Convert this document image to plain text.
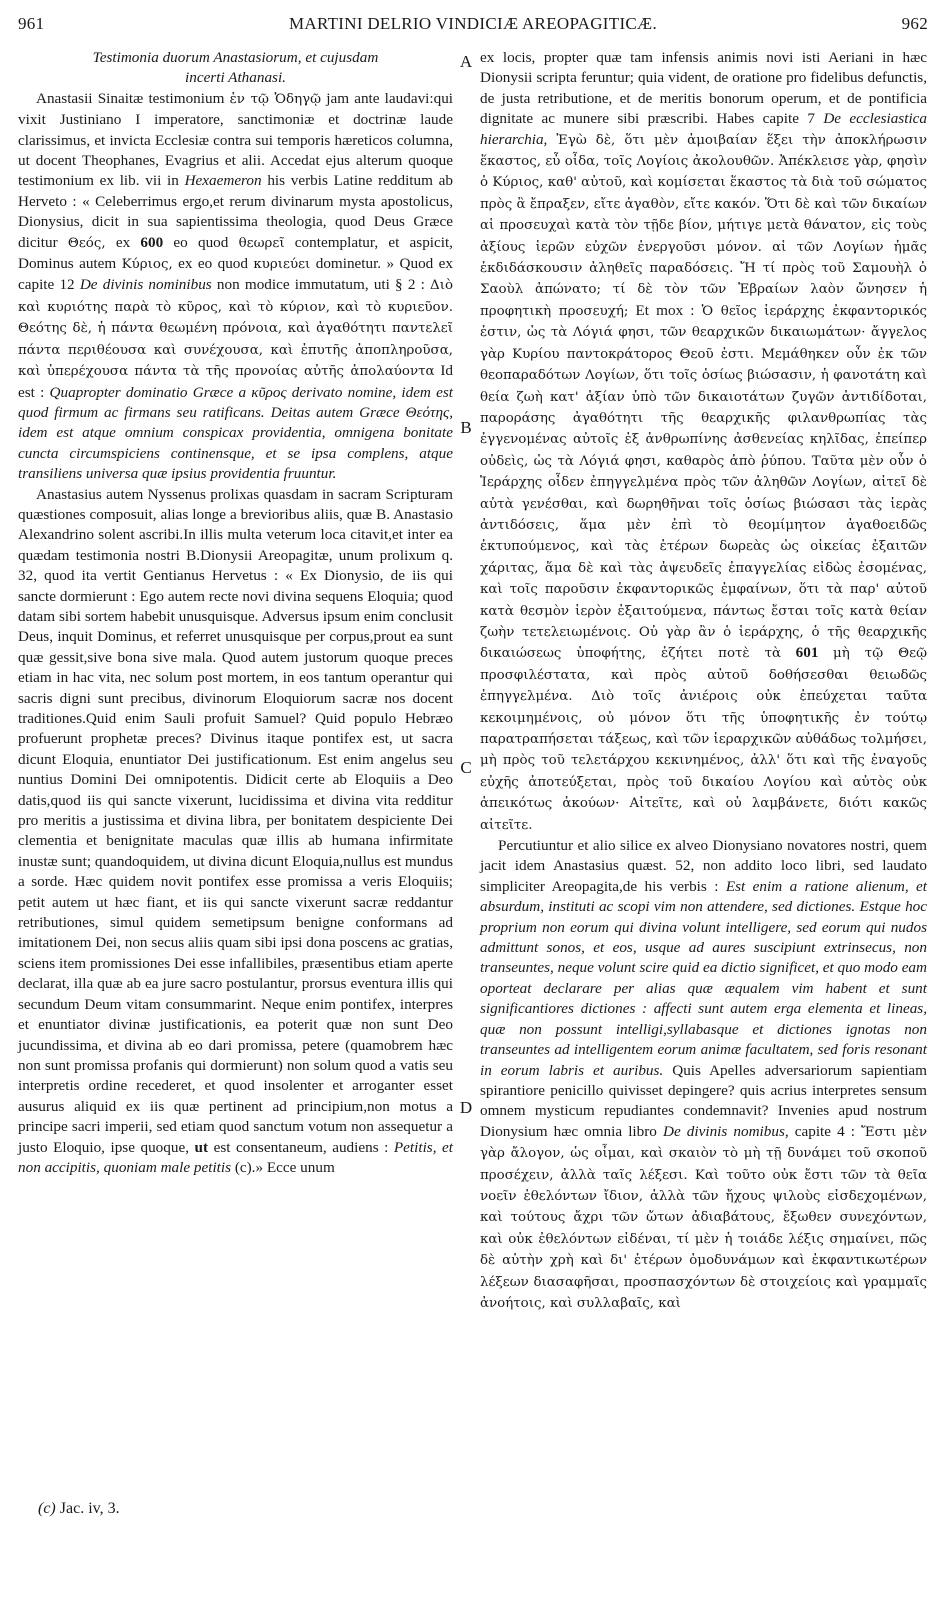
961	MARTINI DELRIO VINDICIÆ AREOPAGITICÆ.	962

Testimonia duorum Anastasiorum, et cujusdam
incerti Athanasi.

Anastasii Sinaitæ testimonium ἐν τῷ Ὁδηγῷ jam ante laudavi:qui vixit Justiniano I imperatore, sanctimoniæ et doctrinæ laude clarissimus, et invicta Ecclesiæ contra sui temporis hæreticos columna, ut docent Theophanes, Evagrius et alii. Accedat ejus alterum quoque testimonium ex lib. vii in Hexaemeron his verbis Latine redditum ab Herveto : « Celeberrimus ergo,et rerum divinarum mysta apostolicus, Dionysius, dicit in sua sapientissima theologia, quod Deus Græce dicitur Θεός, ex 600 eo quod θεωρεῖ contemplatur, et aspicit, Dominus autem Κύριος, ex eo quod κυριεύει dominetur. » Quod ex capite 12 De divinis nominibus non modice immutatum, uti § 2 : Διὸ καὶ κυριότης παρὰ τὸ κῦρος, καὶ τὸ κύριον, καὶ τὸ κυριεῦον. Θεότης δὲ, ἡ πάντα θεωμένη πρόνοια, καὶ ἀγαθότητι παντελεῖ πάντα περιθέουσα καὶ συνέχουσα, καὶ ἐπυτῆς ἀποπληροῦσα, καὶ ὑπερέχουσα πάντα τὰ τῆς προνοίας αὐτῆς ἀπολαύοντα Id est : Quapropter dominatio Græce a κῦρος derivato nomine, idem est quod firmum ac firmans seu ratificans. Deitas autem Græce Θεότης, idem est atque omnium conspicax providentia, omnigena bonitate cuncta circumspiciens continensque, et se ipsa complens, atque transiliens universa quæ ipsius providentia fruuntur.

Anastasius autem Nyssenus prolixas quasdam in sacram Scripturam quæstiones composuit, alias longe a brevioribus aliis, quæ B. Anastasio Alexandrino solent ascribi.In illis multa veterum loca citavit,et inter ea quædam testimonia nostri B.Dionysii Areopagitæ, unum prolixum q. 32, quod ita vertit Gentianus Hervetus : « Ex Dionysio, de iis qui sancte dormierunt : Ego autem recte novi divina sequens Eloquia; quod datam sibi sortem habebit unusquisque. Adversus ipsum enim conclusit Deus, inquit Dominus, et referret unusquisque per corpus,prout ea sunt quæ gessit,sive bona sive mala. Quod autem justorum quoque preces etiam in hac vita, nec solum post mortem, in eos tantum operantur qui sacris digni sunt precibus, divinorum Eloquiorum sacræ nos docent traditiones.Quid enim Sauli profuit Samuel? Quid populo Hebræo profuerunt prophetæ preces? Divinus itaque pontifex est, ut sacra dicunt Eloquia, enuntiator Dei justificationum. Est enim angelus seu nuntius Domini Dei omnipotentis. Didicit certe ab Eloquiis a Deo datis,quod iis qui sancte vixerunt, lucidissima et divina vita redditur pro meritis a justissima et divina libra, per bonitatem despiciente Dei clementia et benignitate maculas quæ illis ab humana infirmitate inustæ sunt; quandoquidem, ut divina dicunt Eloquia,nullus est mundus a sorde. Hæc quidem novit pontifex esse promissa a veris Eloquiis; petit autem ut hæc fiant, et iis qui sancte vixerunt sacræ reddantur retributiones, simul quidem semetipsum benigne conformans ad imitationem Dei, non secus aliis quam sibi ipsi dona poscens ac gratias, sciens item promissiones Dei esse infallibiles, præsentibus etiam aperte declarat, illa quæ ab ea jure sacro postulantur, prorsus eventura illis qui secundum Deum vitam consummarint. Neque enim pontifex, interpres et enuntiator divinæ justificationis, ea poterit quæ non sunt Deo jucundissima, et divina ab eo dari promissa, petere (quamobrem hæc non sunt promissa profanis qui dormierunt) non solum quod a vatis seu interpretis ordine recederet, et quod insolenter et arroganter esset ausurus aliquid ex iis quæ pertinent ad principium,non motus a principe sacri imperii, sed etiam quod sanctum votum non assequetur a justo Eloquio, ipse quoque, ut est consentaneum, audiens : Petitis, et non accipitis, quoniam male petitis (c).» Ecce unum

A
B
C
D

ex locis, propter quæ tam infensis animis novi isti Aeriani in hæc Dionysii scripta feruntur; quia vident, de oratione pro fidelibus defunctis, de justa retributione, et de meritis bonorum operum, et de pontificia dignitate ac munere sibi præscribi. Habes capite 7 De ecclesiastica hierarchia, Ἐγὼ δὲ, ὅτι μὲν ἀμοιβαίαν ἕξει τὴν ἀποκλήρωσιν ἕκαστος, εὖ οἶδα, τοῖς Λογίοις ἀκολουθῶν. Ἀπέκλεισε γὰρ, φησὶν ὁ Κύριος, καθ' αὐτοῦ, καὶ κομίσεται ἕκαστος τὰ διὰ τοῦ σώματος πρὸς ἃ ἔπραξεν, εἴτε ἀγαθὸν, εἴτε κακόν. Ὅτι δὲ καὶ τῶν δικαίων αἱ προσευχαὶ κατὰ τὸν τῇδε βίον, μήτιγε μετὰ θάνατον, εἰς τοὺς ἀξίους ἱερῶν εὐχῶν ἐνεργοῦσι μόνον. αἱ τῶν Λογίων ἡμᾶς ἐκδιδάσκουσιν ἀληθεῖς παραδόσεις. Ἤ τί πρὸς τοῦ Σαμουὴλ ὁ Σαοὺλ ἀπώνατο; τί δὲ τὸν τῶν Ἑβραίων λαὸν ὤνησεν ἡ προφητικὴ προσευχή; Et mox : Ὁ θεῖος ἱεράρχης ἐκφαντορικός ἐστιν, ὡς τὰ Λόγιά φησι, τῶν θεαρχικῶν δικαιωμάτων· ἄγγελος γὰρ Κυρίου παντοκράτορος Θεοῦ ἐστι. Μεμάθηκεν οὖν ἐκ τῶν θεοπαραδότων Λογίων, ὅτι τοῖς ὁσίως βιώσασιν, ἡ φανοτάτη καὶ θεία ζωὴ κατ' ἀξίαν ὑπὸ τῶν δικαιοτάτων ζυγῶν ἀντιδίδοται, παροράσης ἀγαθότητι τῆς θεαρχικῆς φιλανθρωπίας τὰς ἐγγενομένας αὐτοῖς ἐξ ἀνθρωπίνης ἀσθενείας κηλῖδας, ἐπείπερ οὐδεὶς, ὡς τὰ Λόγιά φησι, καθαρὸς ἀπὸ ῥύπου. Ταῦτα μὲν οὖν ὁ Ἱεράρχης οἶδεν ἐπηγγελμένα πρὸς τῶν ἀληθῶν Λογίων, αἰτεῖ δὲ αὐτὰ γενέσθαι, καὶ δωρηθῆναι τοῖς ὁσίως βιώσασι τὰς ἱερὰς ἀντιδόσεις, ἅμα μὲν ἐπὶ τὸ θεομίμητον ἀγαθοειδῶς ἐκτυπούμενος, καὶ τὰς ἑτέρων δωρεὰς ὡς οἰκείας ἐξαιτῶν χάριτας, ἅμα δὲ καὶ τὰς ἀψευδεῖς ἐπαγγελίας εἰδὼς ἐσομένας, καὶ τοῖς παροῦσιν ἐκφαντορικῶς ἐμφαίνων, ὅτι τὰ παρ' αὐτοῦ κατὰ θεσμὸν ἱερὸν ἐξαιτούμενα, πάντως ἔσται τοῖς κατὰ θείαν ζωὴν τετελειωμένοις. Οὐ γὰρ ἂν ὁ ἱεράρχης, ὁ τῆς θεαρχικῆς δικαιώσεως ὑποφήτης, ἐζήτει ποτὲ τὰ 601 μὴ τῷ Θεῷ προσφιλέστατα, καὶ πρὸς αὐτοῦ δοθήσεσθαι θειωδῶς ἐπηγγελμένα. Διὸ τοῖς ἀνιέροις οὐκ ἐπεύχεται ταῦτα κεκοιμημένοις, οὐ μόνον ὅτι τῆς ὑποφητικῆς ἐν τούτῳ παρατραπήσεται τάξεως, καὶ τῶν ἱεραρχικῶν αὐθάδως τολμήσει, μὴ πρὸς τοῦ τελετάρχου κεκινημένος, ἀλλ' ὅτι καὶ τῆς ἐναγοῦς εὐχῆς ἀποτεύξεται, πρὸς τοῦ δικαίου Λογίου καὶ αὐτὸς οὐκ ἀπεικότως ἀκούων· Αἰτεῖτε, καὶ οὐ λαμβάνετε, διότι κακῶς αἰτεῖτε.

Percutiuntur et alio silice ex alveo Dionysiano novatores nostri, quem jacit idem Anastasius quæst. 52, non addito loco libri, sed laudato simpliciter Areopagita,de his verbis : Est enim a ratione alienum, et absurdum, instituti ac scopi vim non attendere, sed dictiones. Estque hoc proprium non eorum qui divina volunt intelligere, sed eorum qui nudos admittunt sonos, et eos, usque ad aures suscipiunt extrinsecus, non transeuntes, neque volunt scire quid ea dictio significet, et quo modo eam oporteat declarare per alias quæ æqualem vim habent et sunt significantiores dictiones : affecti sunt autem erga elementa et lineas, quæ non possunt intelligi,syllabasque et dictiones ignotas non transeuntes ad intelligentem eorum animæ facultatem, sed foris resonant in eorum labris et auribus. Quis Apelles adversariorum sapientiam spirantiore penicillo quivisset depingere? quis acrius interpretes sensum omnem mysticum repudiantes condemnavit? Invenies apud nostrum Dionysium hæc omnia libro De divinis nomibus, capite 4 : Ἔστι μὲν γὰρ ἄλογον, ὡς οἶμαι, καὶ σκαιὸν τὸ μὴ τῇ δυνάμει τοῦ σκοποῦ προσέχειν, ἀλλὰ ταῖς λέξεσι. Καὶ τοῦτο οὐκ ἔστι τῶν τὰ θεῖα νοεῖν ἐθελόντων ἴδιον, ἀλλὰ τῶν ἤχους ψιλοὺς εἰσδεχομένων, καὶ τούτους ἄχρι τῶν ὤτων ἀδιαβάτους, ἔξωθεν συνεχόντων, καὶ οὐκ ἐθελόντων εἰδέναι, τί μὲν ἡ τοιάδε λέξις σημαίνει, πῶς δὲ αὐτὴν χρὴ καὶ δι' ἑτέρων ὁμοδυνάμων καὶ ἐκφαντικωτέρων λέξεων διασαφῆσαι, προσπασχόντων δὲ στοιχείοις καὶ γραμμαῖς ἀνοήτοις, καὶ συλλαβαῖς, καὶ

(c) Jac. iv, 3.
